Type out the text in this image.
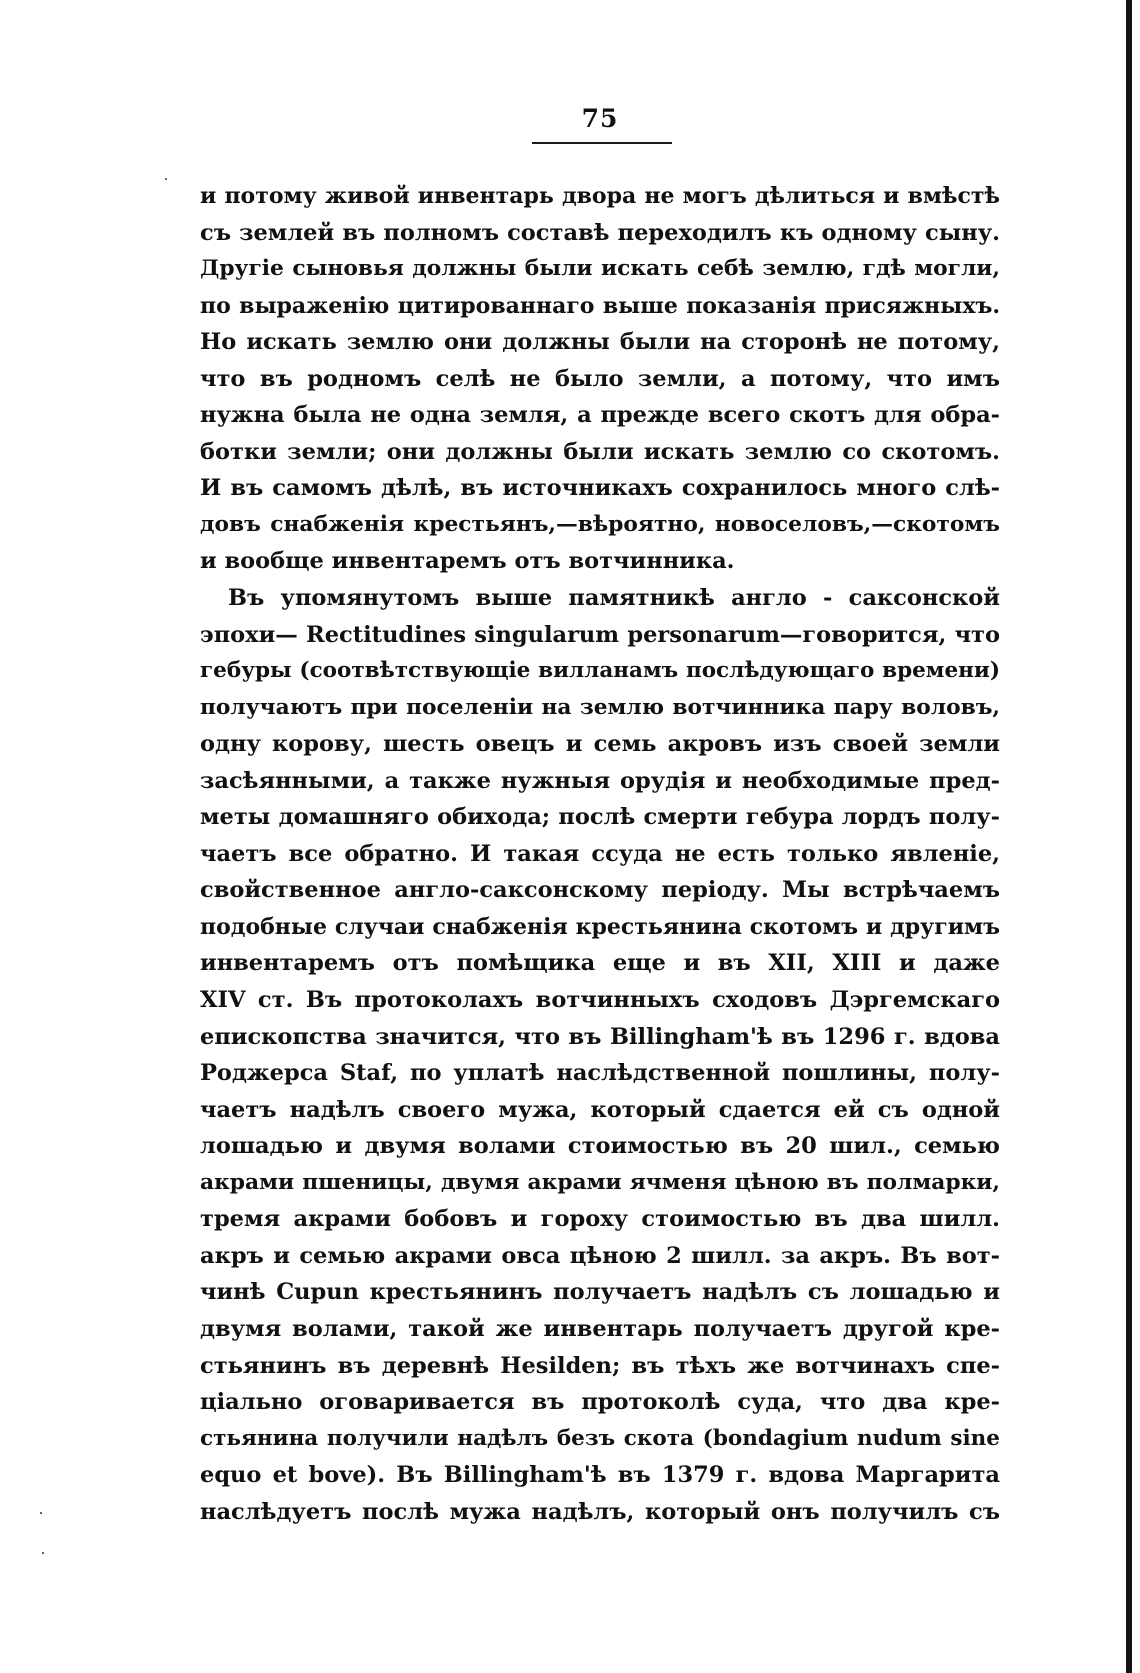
75
и потому живой инвентарь двора не могъ дѣлиться и вмѣстѣ
съ землей въ полномъ составѣ переходилъ къ одному сыну.
Другіе сыновья должны были искать себѣ землю, гдѣ могли,
по выраженію цитированнаго выше показанія присяжныхъ.
Но искать землю они должны были на сторонѣ не потому,
что въ родномъ селѣ не было земли, а потому, что имъ
нужна была не одна земля, а прежде всего скотъ для обра-
ботки земли; они должны были искать землю со скотомъ.
И въ самомъ дѣлѣ, въ источникахъ сохранилось много слѣ-
довъ снабженія крестьянъ,—вѣроятно, новоселовъ,—скотомъ
и вообще инвентаремъ отъ вотчинника.
Въ упомянутомъ выше памятникѣ англо - саксонской
эпохи— Rectitudines singularum personarum—говорится, что
гебуры (соотвѣтствующіе вилланамъ послѣдующаго времени)
получаютъ при поселеніи на землю вотчинника пару воловъ,
одну корову, шесть овецъ и семь акровъ изъ своей земли
засѣянными, а также нужныя орудія и необходимые пред-
меты домашняго обихода; послѣ смерти гебура лордъ полу-
чаетъ все обратно. И такая ссуда не есть только явленіе,
свойственное англо-саксонскому періоду. Мы встрѣчаемъ
подобные случаи снабженія крестьянина скотомъ и другимъ
инвентаремъ отъ помѣщика еще и въ XII, XIII и даже
XIV ст. Въ протоколахъ вотчинныхъ сходовъ Дэргемскаго
епископства значится, что въ Billingham'ѣ въ 1296 г. вдова
Роджерса Staf, по уплатѣ наслѣдственной пошлины, полу-
чаетъ надѣлъ своего мужа, который сдается ей съ одной
лошадью и двумя волами стоимостью въ 20 шил., семью
акрами пшеницы, двумя акрами ячменя цѣною въ полмарки,
тремя акрами бобовъ и гороху стоимостью въ два шилл.
акръ и семью акрами овса цѣною 2 шилл. за акръ. Въ вот-
чинѣ Cupun крестьянинъ получаетъ надѣлъ съ лошадью и
двумя волами, такой же инвентарь получаетъ другой кре-
стьянинъ въ деревнѣ Hesilden; въ тѣхъ же вотчинахъ спе-
ціально оговаривается въ протоколѣ суда, что два кре-
стьянина получили надѣлъ безъ скота (bondagium nudum sine
equo et bove). Въ Billingham'ѣ въ 1379 г. вдова Маргарита
наслѣдуетъ послѣ мужа надѣлъ, который онъ получилъ съ
